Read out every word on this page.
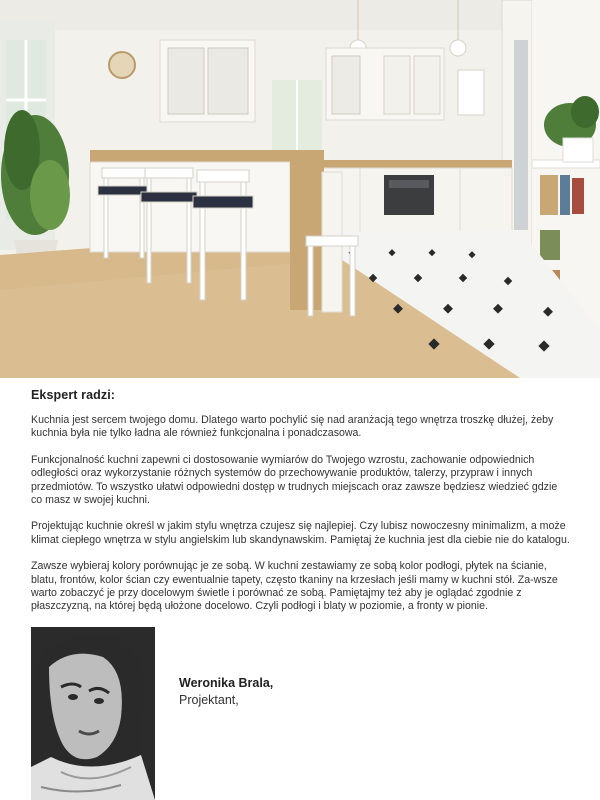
Ekspert radzi:

Kuchnia jest sercem twojego domu. Dlatego warto pochylić się nad aranżacją tego wnętrza troszkę dłużej, żeby kuchnia była nie tylko ładna ale również funkcjonalna i ponadczasowa.

Funkcjonalność kuchni zapewni ci dostosowanie wymiarów do Twojego wzrostu, zachowanie odpowiednich odległości oraz wykorzystanie różnych systemów do przechowywanie produktów, talerzy, przypraw i innych przedmiotów. To wszystko ułatwi odpowiedni dostęp w trudnych miejscach oraz zawsze będziesz wiedzieć gdzie co masz w swojej kuchni.

Projektując kuchnie określ w jakim stylu wnętrza czujesz się najlepiej. Czy lubisz nowoczesny minimalizm, a może klimat ciepłego wnętrza w stylu angielskim lub skandynawskim. Pamiętaj że kuchnia jest dla ciebie nie do katalogu.

Zawsze wybieraj kolory porównując je ze sobą. W kuchni zestawiamy ze sobą kolor podłogi, płytek na ścianie, blatu, frontów, kolor ścian czy ewentualnie tapety, często tkaniny na krzesłach jeśli mamy w kuchni stół. Za-wsze warto zobaczyć je przy docelowym świetle i porównać ze sobą. Pamiętajmy też aby je oglądać zgodnie z płaszczyzną, na której będą ułożone docelowo. Czyli podłogi i blaty w poziomie, a fronty w pionie.

Weronika Brala,
Projektant,
